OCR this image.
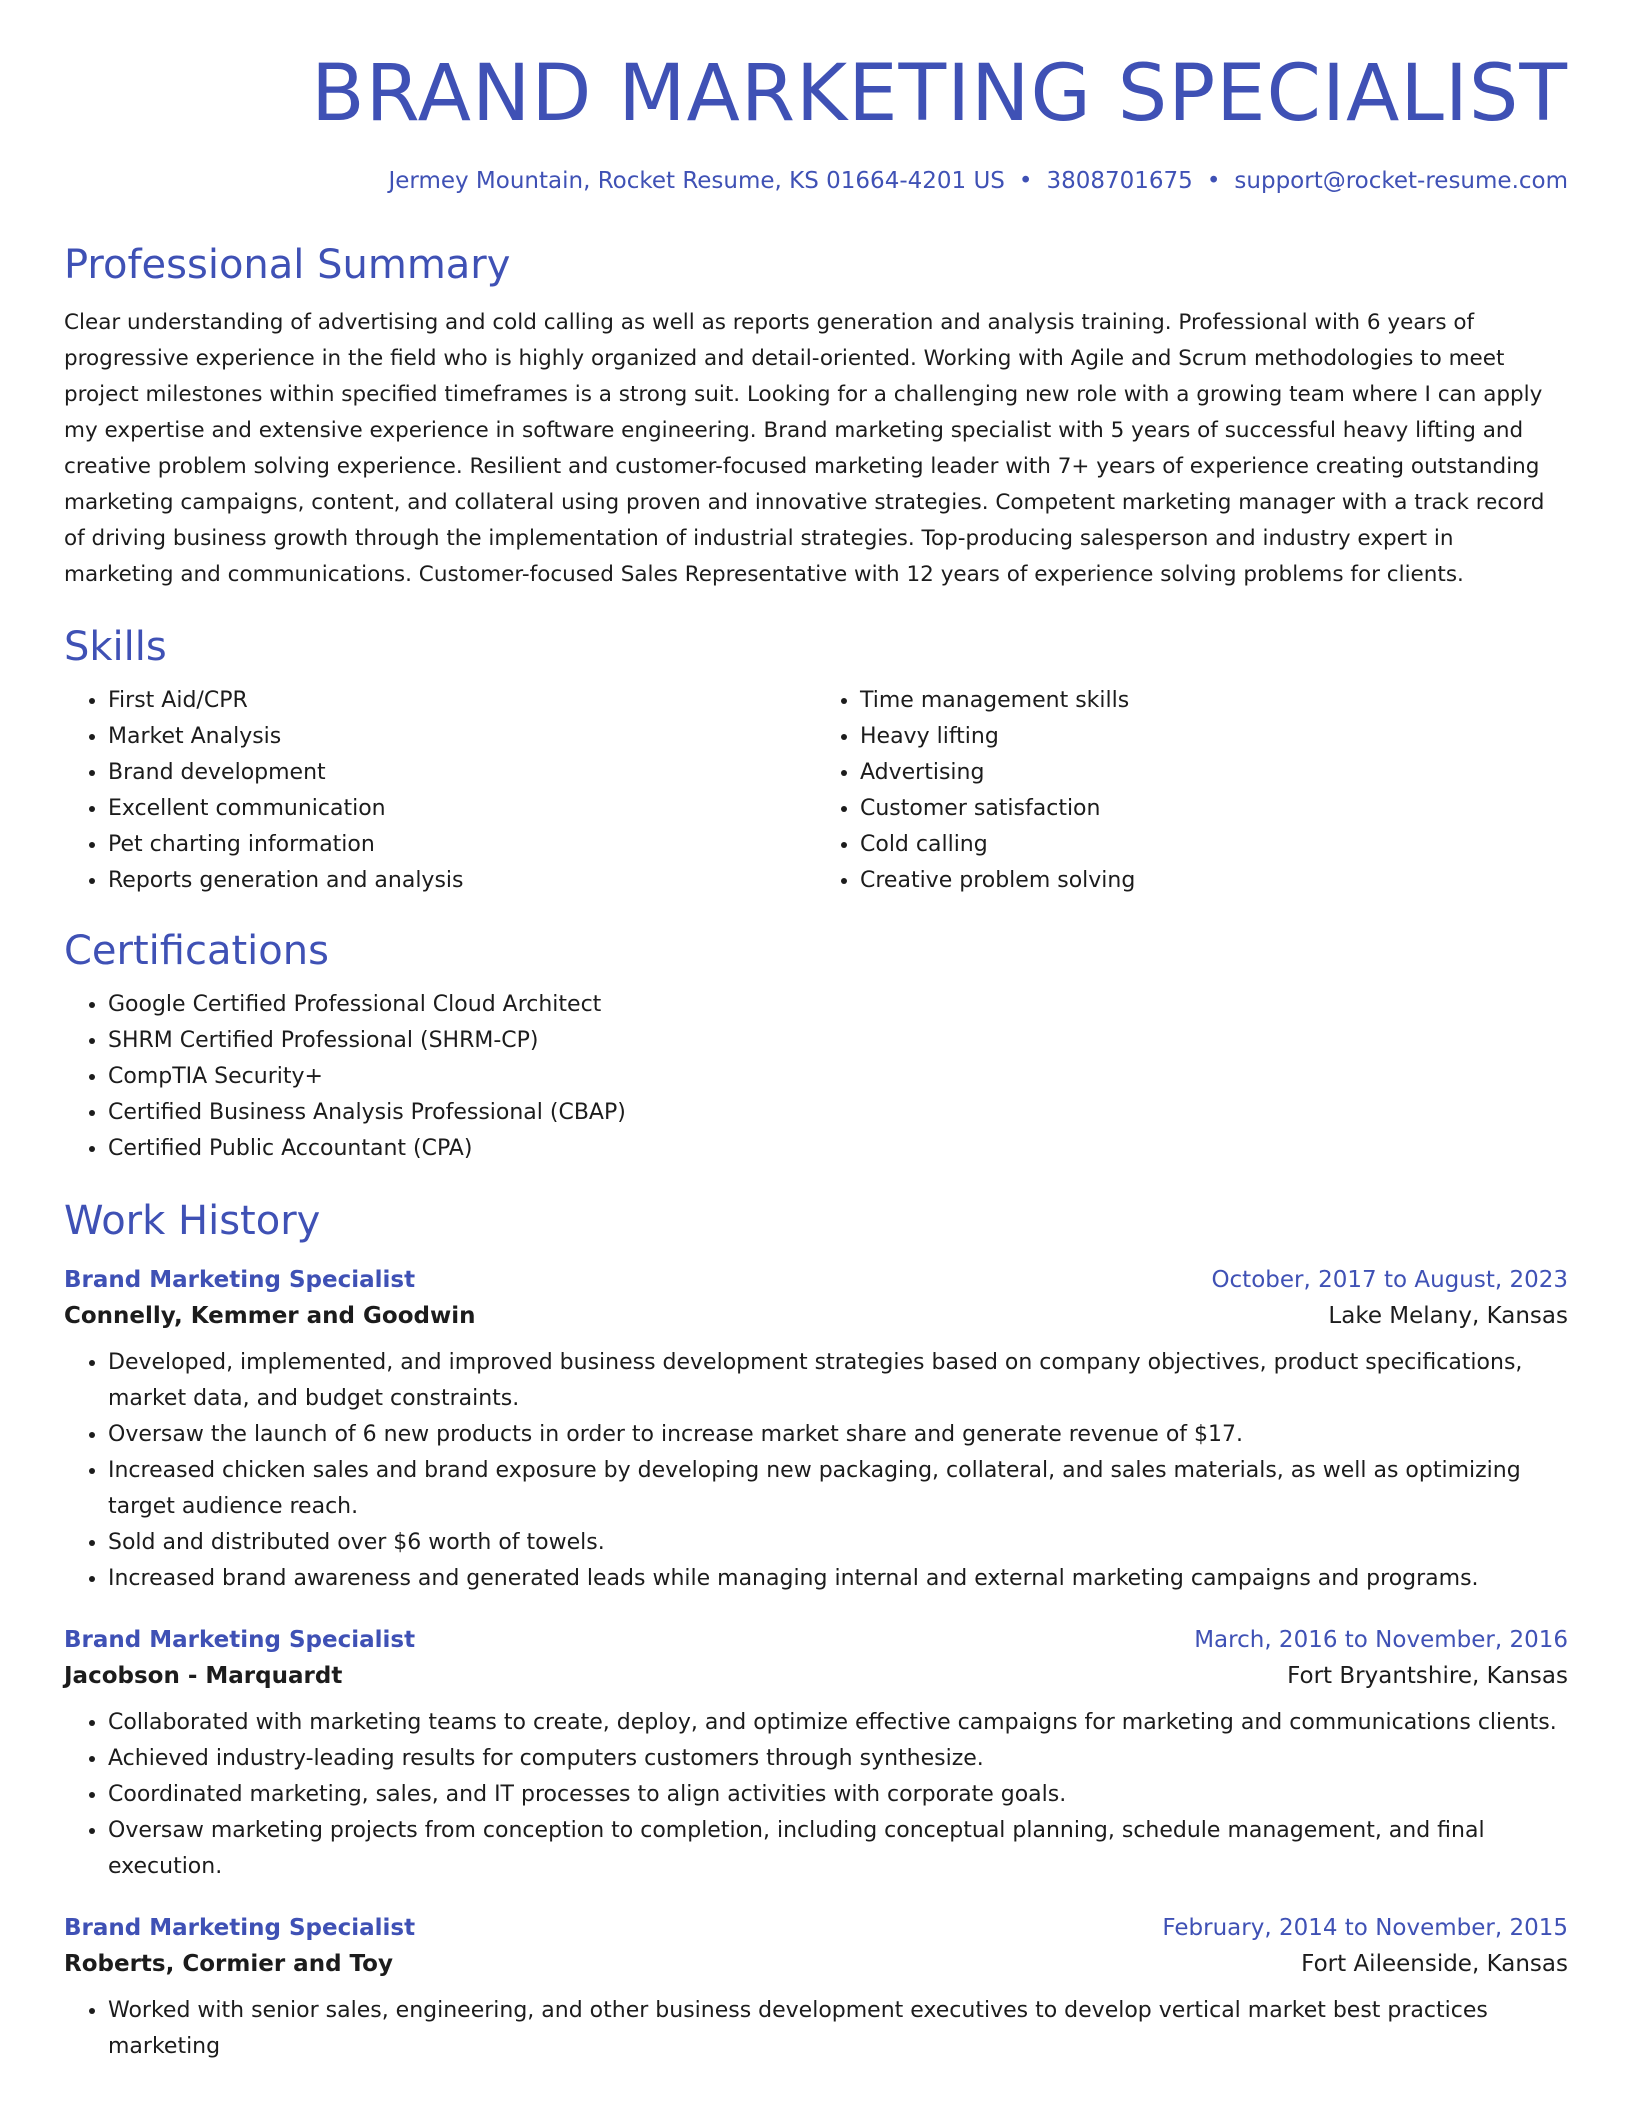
BRAND MARKETING SPECIALIST
Jermey Mountain, Rocket Resume, KS 01664-4201 US • 3808701675 • support@rocket-resume.com
Professional Summary
Clear understanding of advertising and cold calling as well as reports generation and analysis training. Professional with 6 years of progressive experience in the field who is highly organized and detail-oriented. Working with Agile and Scrum methodologies to meet project milestones within specified timeframes is a strong suit. Looking for a challenging new role with a growing team where I can apply my expertise and extensive experience in software engineering. Brand marketing specialist with 5 years of successful heavy lifting and creative problem solving experience. Resilient and customer-focused marketing leader with 7+ years of experience creating outstanding marketing campaigns, content, and collateral using proven and innovative strategies. Competent marketing manager with a track record of driving business growth through the implementation of industrial strategies. Top-producing salesperson and industry expert in marketing and communications. Customer-focused Sales Representative with 12 years of experience solving problems for clients.
Skills
• First Aid/CPR
• Market Analysis
• Brand development
• Excellent communication
• Pet charting information
• Reports generation and analysis
• Time management skills
• Heavy lifting
• Advertising
• Customer satisfaction
• Cold calling
• Creative problem solving
Certifications
• Google Certified Professional Cloud Architect
• SHRM Certified Professional (SHRM-CP)
• CompTIA Security+
• Certified Business Analysis Professional (CBAP)
• Certified Public Accountant (CPA)
Work History
Brand Marketing Specialist	October, 2017 to August, 2023
Connelly, Kemmer and Goodwin	Lake Melany, Kansas
• Developed, implemented, and improved business development strategies based on company objectives, product specifications, market data, and budget constraints.
• Oversaw the launch of 6 new products in order to increase market share and generate revenue of $17.
• Increased chicken sales and brand exposure by developing new packaging, collateral, and sales materials, as well as optimizing target audience reach.
• Sold and distributed over $6 worth of towels.
• Increased brand awareness and generated leads while managing internal and external marketing campaigns and programs.
Brand Marketing Specialist	March, 2016 to November, 2016
Jacobson - Marquardt	Fort Bryantshire, Kansas
• Collaborated with marketing teams to create, deploy, and optimize effective campaigns for marketing and communications clients.
• Achieved industry-leading results for computers customers through synthesize.
• Coordinated marketing, sales, and IT processes to align activities with corporate goals.
• Oversaw marketing projects from conception to completion, including conceptual planning, schedule management, and final execution.
Brand Marketing Specialist	February, 2014 to November, 2015
Roberts, Cormier and Toy	Fort Aileenside, Kansas
• Worked with senior sales, engineering, and other business development executives to develop vertical market best practices marketing
